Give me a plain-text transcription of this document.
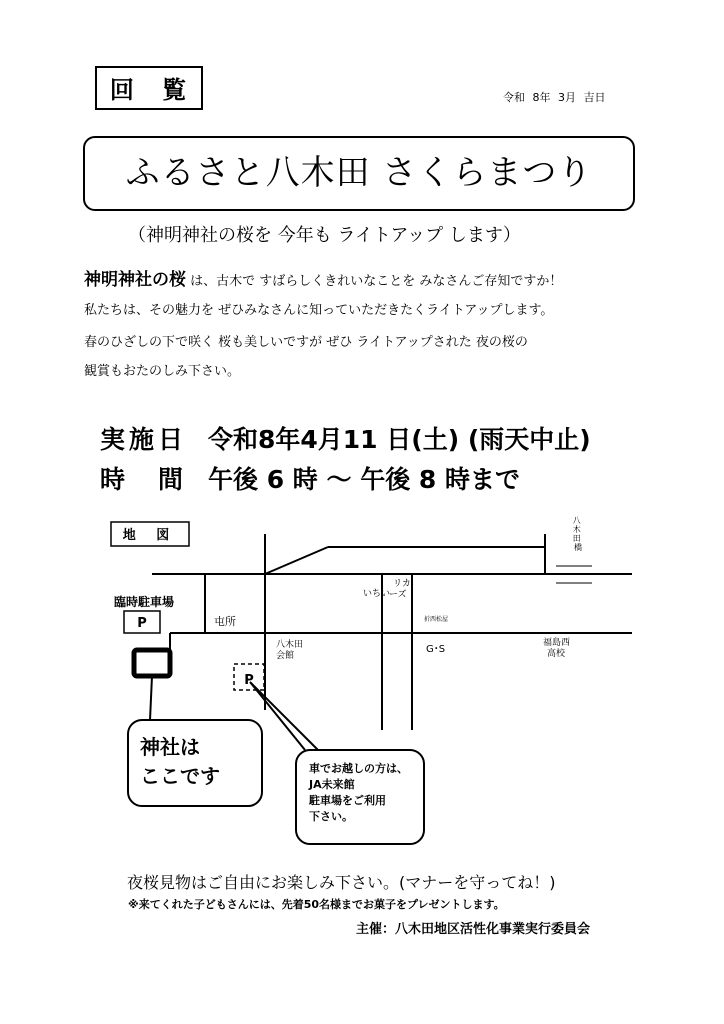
回 覧	令和 8年 3月 吉日
ふるさと八木田 さくらまつり
（神明神社の桜を 今年も ライトアップ します）
神明神社の桜 は、古木で すばらしくきれいなことを みなさんご存知ですか！
私たちは、その魅力を ぜひみなさんに知っていただきたくライトアップします。
春のひざしの下で咲く 桜も美しいですが ぜひ ライトアップされた 夜の桜の
観賞もおたのしみ下さい。
実施日 令和8年4月11 日(土) (雨天中止)
時　間 午後 6 時 ～ 午後 8 時まで
地 図
臨時駐車場
P
P
屯所
いちい
リカ ーズ
折西松屋
八木田 会館
G･S
福島西 高校
八 木 田 橋
神社は ここです	車でお越しの方は、 JA未来館 駐車場をご利用 下さい。
夜桜見物はご自由にお楽しみ下さい。(マナーを守ってね！)
※来てくれた子どもさんには、先着50名様までお菓子をプレゼントします。
主催：八木田地区活性化事業実行委員会
